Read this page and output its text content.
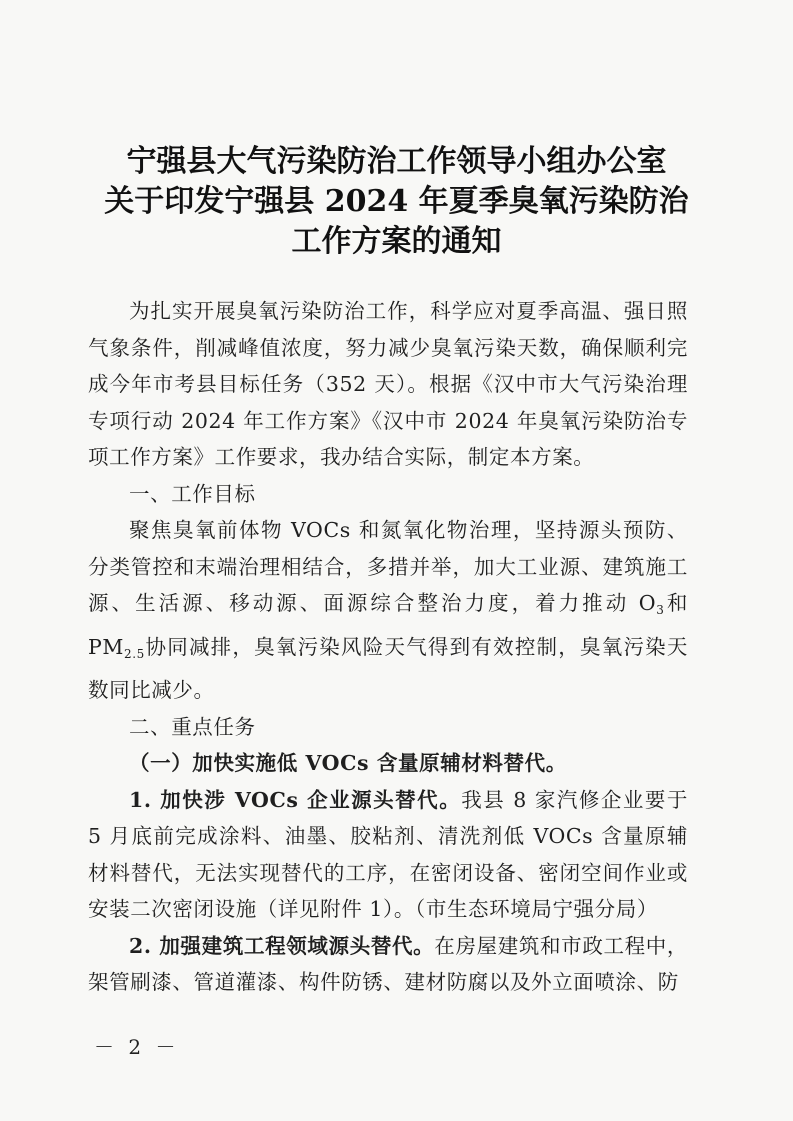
宁强县大气污染防治工作领导小组办公室
关于印发宁强县 2024 年夏季臭氧污染防治
工作方案的通知

为扎实开展臭氧污染防治工作，科学应对夏季高温、强日照气象条件，削减峰值浓度，努力减少臭氧污染天数，确保顺利完成今年市考县目标任务（352 天）。根据《汉中市大气污染治理专项行动 2024 年工作方案》《汉中市 2024 年臭氧污染防治专项工作方案》工作要求，我办结合实际，制定本方案。

一、工作目标

聚焦臭氧前体物 VOCs 和氮氧化物治理，坚持源头预防、分类管控和末端治理相结合，多措并举，加大工业源、建筑施工源、生活源、移动源、面源综合整治力度，着力推动 $O_3$和 $PM_{2.5}$协同减排，臭氧污染风险天气得到有效控制，臭氧污染天数同比减少。

二、重点任务

（一）加快实施低 VOCs 含量原辅材料替代。

1. 加快涉 VOCs 企业源头替代。我县 8 家汽修企业要于 5 月底前完成涂料、油墨、胶粘剂、清洗剂低 VOCs 含量原辅材料替代，无法实现替代的工序，在密闭设备、密闭空间作业或安装二次密闭设施（详见附件 1）。（市生态环境局宁强分局）

2. 加强建筑工程领域源头替代。在房屋建筑和市政工程中，架管刷漆、管道灌漆、构件防锈、建材防腐以及外立面喷涂、防

－ 2 －
